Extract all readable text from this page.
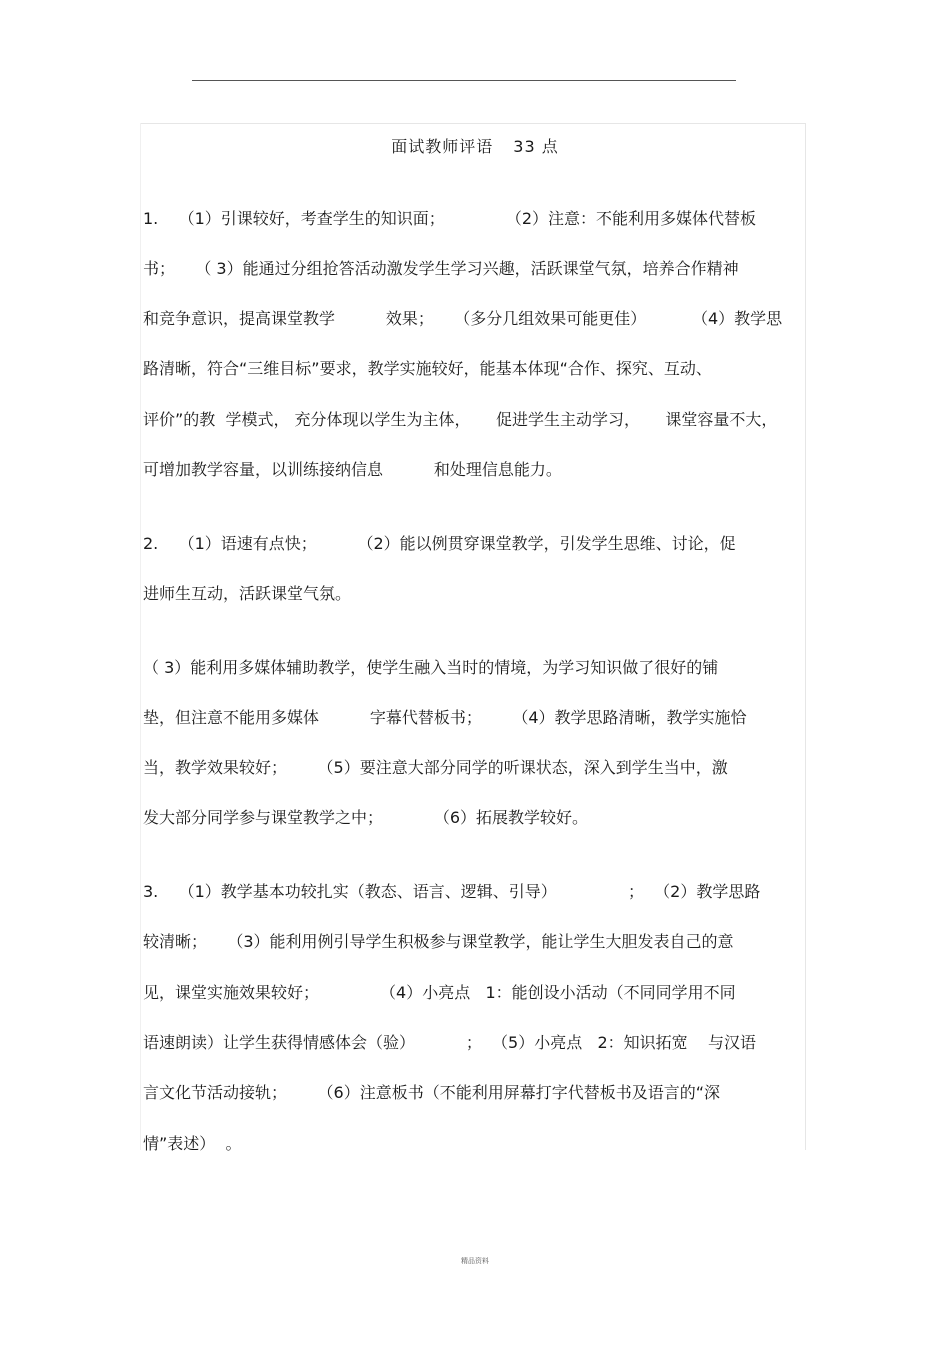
面试教师评语 33 点
1.    （1）引课较好，考查学生的知识面；            （2）注意：不能利用多媒体代替板
书；    （ 3）能通过分组抢答活动激发学生学习兴趣，活跃课堂气氛，培养合作精神
和竞争意识，提高课堂教学          效果；    （多分几组效果可能更佳）         （4）教学思
路清晰，符合“三维目标”要求，教学实施较好，能基本体现“合作、探究、互动、
评价”的教  学模式， 充分体现以学生为主体，     促进学生主动学习，     课堂容量不大，
可增加教学容量，以训练接纳信息          和处理信息能力。
2.    （1）语速有点快；        （2）能以例贯穿课堂教学，引发学生思维、讨论，促
进师生互动，活跃课堂气氛。
（ 3）能利用多媒体辅助教学，使学生融入当时的情境，为学习知识做了很好的铺
垫，但注意不能用多媒体          字幕代替板书；      （4）教学思路清晰，教学实施恰
当，教学效果较好；      （5）要注意大部分同学的听课状态，深入到学生当中，激
发大部分同学参与课堂教学之中；          （6）拓展教学较好。
3.    （1）教学基本功较扎实（教态、语言、逻辑、引导）              ；  （2）教学思路
较清晰；    （3）能利用例引导学生积极参与课堂教学，能让学生大胆发表自己的意
见，课堂实施效果较好；            （4）小亮点   1：能创设小活动（不同同学用不同
语速朗读）让学生获得情感体会（验）          ；  （5）小亮点   2：知识拓宽    与汉语
言文化节活动接轨；      （6）注意板书（不能利用屏幕打字代替板书及语言的“深
情”表述）  。
精品资料
